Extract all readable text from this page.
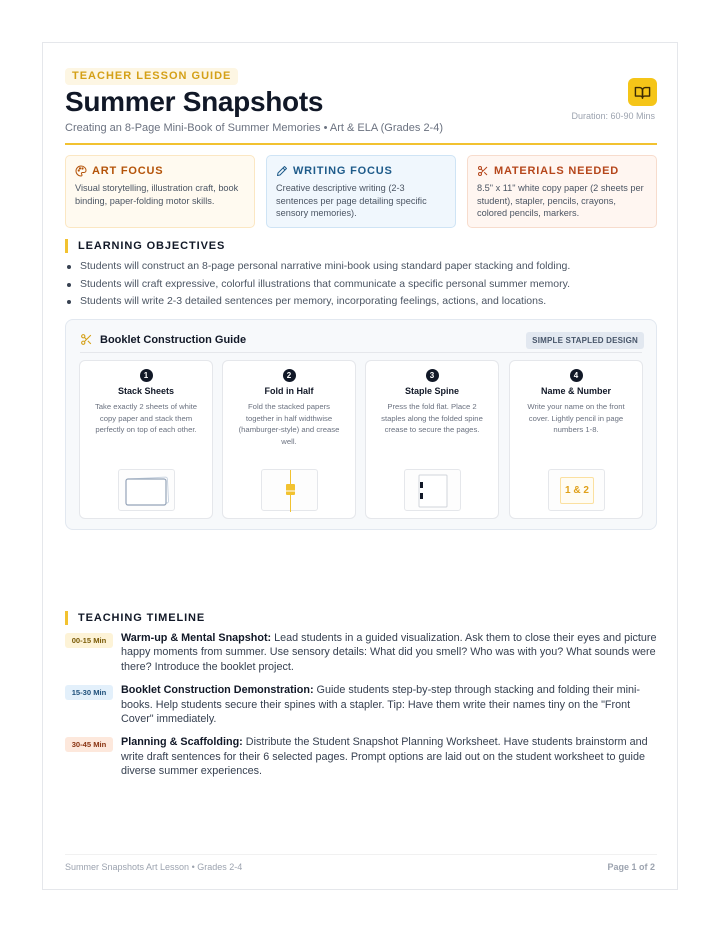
TEACHER LESSON GUIDE
Summer Snapshots
Creating an 8-Page Mini-Book of Summer Memories • Art & ELA (Grades 2-4)
Duration: 60-90 Mins
ART FOCUS
Visual storytelling, illustration craft, book binding, paper-folding motor skills.
WRITING FOCUS
Creative descriptive writing (2-3 sentences per page detailing specific sensory memories).
MATERIALS NEEDED
8.5" x 11" white copy paper (2 sheets per student), stapler, pencils, crayons, colored pencils, markers.
LEARNING OBJECTIVES
Students will construct an 8-page personal narrative mini-book using standard paper stacking and folding.
Students will craft expressive, colorful illustrations that communicate a specific personal summer memory.
Students will write 2-3 detailed sentences per memory, incorporating feelings, actions, and locations.
Booklet Construction Guide	SIMPLE STAPLED DESIGN
1
Stack Sheets
Take exactly 2 sheets of white copy paper and stack them perfectly on top of each other.
2
Fold in Half
Fold the stacked papers together in half widthwise (hamburger-style) and crease well.
3
Staple Spine
Press the fold flat. Place 2 staples along the folded spine crease to secure the pages.
4
Name & Number
Write your name on the front cover. Lightly pencil in page numbers 1-8.
1 & 2
TEACHING TIMELINE
00-15 Min	Warm-up & Mental Snapshot: Lead students in a guided visualization. Ask them to close their eyes and picture happy moments from summer. Use sensory details: What did you smell? Who was with you? What sounds were there? Introduce the booklet project.
15-30 Min	Booklet Construction Demonstration: Guide students step-by-step through stacking and folding their mini-books. Help students secure their spines with a stapler. Tip: Have them write their names tiny on the "Front Cover" immediately.
30-45 Min	Planning & Scaffolding: Distribute the Student Snapshot Planning Worksheet. Have students brainstorm and write draft sentences for their 6 selected pages. Prompt options are laid out on the student worksheet to guide diverse summer experiences.
Summer Snapshots Art Lesson • Grades 2-4	Page 1 of 2
